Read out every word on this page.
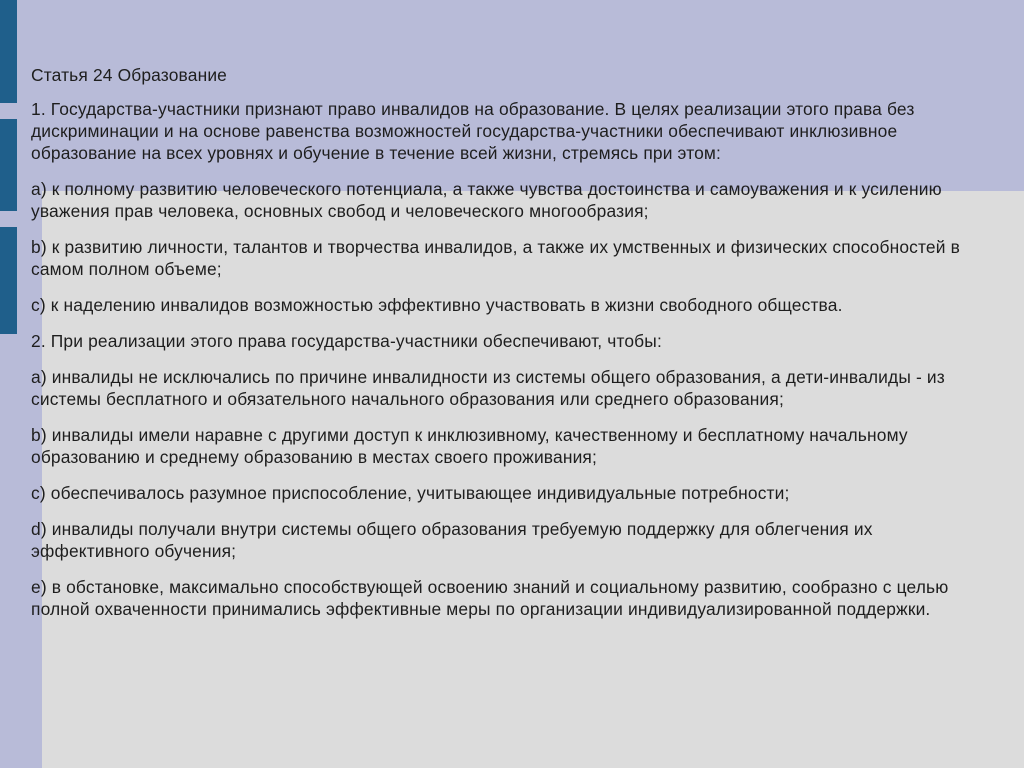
Статья 24 Образование

1. Государства-участники признают право инвалидов на образование. В целях реализации этого права без дискриминации и на основе равенства возможностей государства-участники обеспечивают инклюзивное образование на всех уровнях и обучение в течение всей жизни, стремясь при этом:

a) к полному развитию человеческого потенциала, а также чувства достоинства и самоуважения и к усилению уважения прав человека, основных свобод и человеческого многообразия;

b) к развитию личности, талантов и творчества инвалидов, а также их умственных и физических способностей в самом полном объеме;

c) к наделению инвалидов возможностью эффективно участвовать в жизни свободного общества.

2. При реализации этого права государства-участники обеспечивают, чтобы:

a) инвалиды не исключались по причине инвалидности из системы общего образования, а дети-инвалиды - из системы бесплатного и обязательного начального образования или среднего образования;

b) инвалиды имели наравне с другими доступ к инклюзивному, качественному и бесплатному начальному образованию и среднему образованию в местах своего проживания;

c) обеспечивалось разумное приспособление, учитывающее индивидуальные потребности;

d) инвалиды получали внутри системы общего образования требуемую поддержку для облегчения их эффективного обучения;

e) в обстановке, максимально способствующей освоению знаний и социальному развитию, сообразно с целью полной охваченности принимались эффективные меры по организации индивидуализированной поддержки.
